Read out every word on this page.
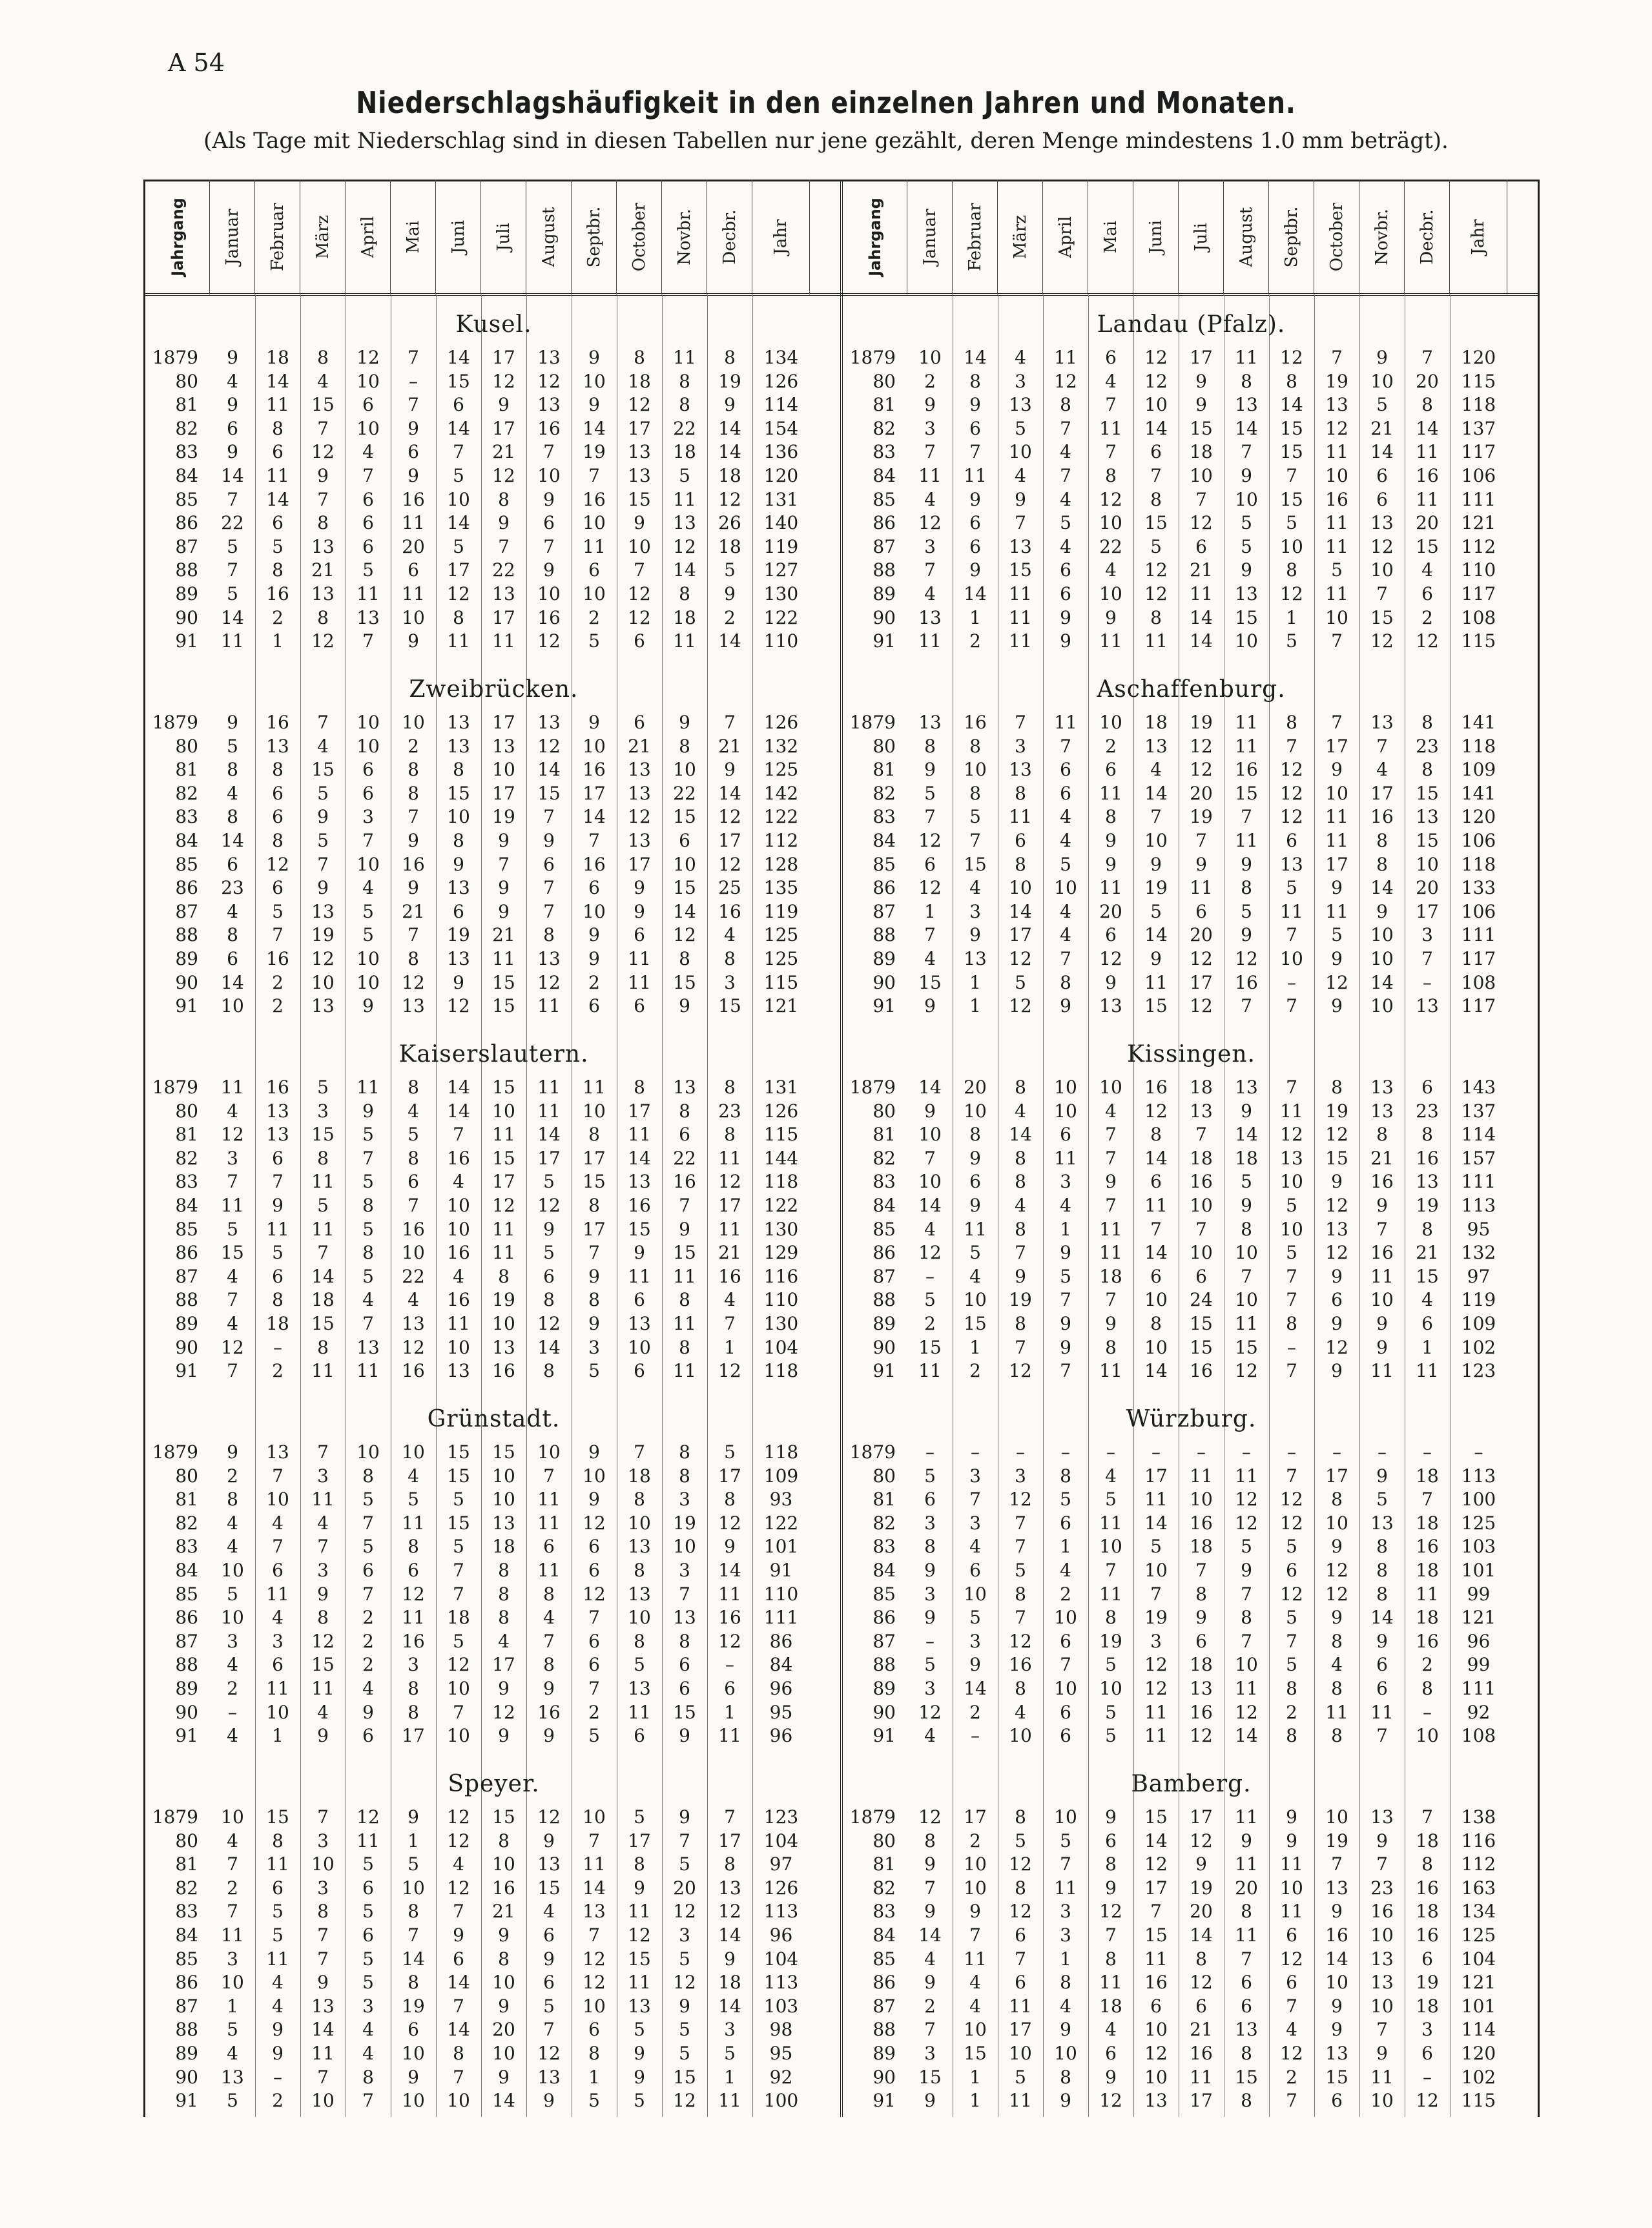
A 54
Niederschlagshäufigkeit in den einzelnen Jahren und Monaten.
(Als Tage mit Niederschlag sind in diesen Tabellen nur jene gezählt, deren Menge mindestens 1.0 mm beträgt).
Jahrgang Januar Februar März April Mai Juni Juli August Septbr. October Novbr. Decbr. Jahr	Jahrgang Januar Februar März April Mai Juni Juli August Septbr. October Novbr. Decbr. Jahr
Kusel.
1879	9	18	8	12	7	14	17	13	9	8	11	8	134
80	4	14	4	10	–	15	12	12	10	18	8	19	126
81	9	11	15	6	7	6	9	13	9	12	8	9	114
82	6	8	7	10	9	14	17	16	14	17	22	14	154
83	9	6	12	4	6	7	21	7	19	13	18	14	136
84	14	11	9	7	9	5	12	10	7	13	5	18	120
85	7	14	7	6	16	10	8	9	16	15	11	12	131
86	22	6	8	6	11	14	9	6	10	9	13	26	140
87	5	5	13	6	20	5	7	7	11	10	12	18	119
88	7	8	21	5	6	17	22	9	6	7	14	5	127
89	5	16	13	11	11	12	13	10	10	12	8	9	130
90	14	2	8	13	10	8	17	16	2	12	18	2	122
91	11	1	12	7	9	11	11	12	5	6	11	14	110
Zweibrücken.
1879	9	16	7	10	10	13	17	13	9	6	9	7	126
80	5	13	4	10	2	13	13	12	10	21	8	21	132
81	8	8	15	6	8	8	10	14	16	13	10	9	125
82	4	6	5	6	8	15	17	15	17	13	22	14	142
83	8	6	9	3	7	10	19	7	14	12	15	12	122
84	14	8	5	7	9	8	9	9	7	13	6	17	112
85	6	12	7	10	16	9	7	6	16	17	10	12	128
86	23	6	9	4	9	13	9	7	6	9	15	25	135
87	4	5	13	5	21	6	9	7	10	9	14	16	119
88	8	7	19	5	7	19	21	8	9	6	12	4	125
89	6	16	12	10	8	13	11	13	9	11	8	8	125
90	14	2	10	10	12	9	15	12	2	11	15	3	115
91	10	2	13	9	13	12	15	11	6	6	9	15	121
Kaiserslautern.
1879	11	16	5	11	8	14	15	11	11	8	13	8	131
80	4	13	3	9	4	14	10	11	10	17	8	23	126
81	12	13	15	5	5	7	11	14	8	11	6	8	115
82	3	6	8	7	8	16	15	17	17	14	22	11	144
83	7	7	11	5	6	4	17	5	15	13	16	12	118
84	11	9	5	8	7	10	12	12	8	16	7	17	122
85	5	11	11	5	16	10	11	9	17	15	9	11	130
86	15	5	7	8	10	16	11	5	7	9	15	21	129
87	4	6	14	5	22	4	8	6	9	11	11	16	116
88	7	8	18	4	4	16	19	8	8	6	8	4	110
89	4	18	15	7	13	11	10	12	9	13	11	7	130
90	12	–	8	13	12	10	13	14	3	10	8	1	104
91	7	2	11	11	16	13	16	8	5	6	11	12	118
Grünstadt.
1879	9	13	7	10	10	15	15	10	9	7	8	5	118
80	2	7	3	8	4	15	10	7	10	18	8	17	109
81	8	10	11	5	5	5	10	11	9	8	3	8	93
82	4	4	4	7	11	15	13	11	12	10	19	12	122
83	4	7	7	5	8	5	18	6	6	13	10	9	101
84	10	6	3	6	6	7	8	11	6	8	3	14	91
85	5	11	9	7	12	7	8	8	12	13	7	11	110
86	10	4	8	2	11	18	8	4	7	10	13	16	111
87	3	3	12	2	16	5	4	7	6	8	8	12	86
88	4	6	15	2	3	12	17	8	6	5	6	–	84
89	2	11	11	4	8	10	9	9	7	13	6	6	96
90	–	10	4	9	8	7	12	16	2	11	15	1	95
91	4	1	9	6	17	10	9	9	5	6	9	11	96
Speyer.
1879	10	15	7	12	9	12	15	12	10	5	9	7	123
80	4	8	3	11	1	12	8	9	7	17	7	17	104
81	7	11	10	5	5	4	10	13	11	8	5	8	97
82	2	6	3	6	10	12	16	15	14	9	20	13	126
83	7	5	8	5	8	7	21	4	13	11	12	12	113
84	11	5	7	6	7	9	9	6	7	12	3	14	96
85	3	11	7	5	14	6	8	9	12	15	5	9	104
86	10	4	9	5	8	14	10	6	12	11	12	18	113
87	1	4	13	3	19	7	9	5	10	13	9	14	103
88	5	9	14	4	6	14	20	7	6	5	5	3	98
89	4	9	11	4	10	8	10	12	8	9	5	5	95
90	13	–	7	8	9	7	9	13	1	9	15	1	92
91	5	2	10	7	10	10	14	9	5	5	12	11	100
Landau (Pfalz).
1879	10	14	4	11	6	12	17	11	12	7	9	7	120
80	2	8	3	12	4	12	9	8	8	19	10	20	115
81	9	9	13	8	7	10	9	13	14	13	5	8	118
82	3	6	5	7	11	14	15	14	15	12	21	14	137
83	7	7	10	4	7	6	18	7	15	11	14	11	117
84	11	11	4	7	8	7	10	9	7	10	6	16	106
85	4	9	9	4	12	8	7	10	15	16	6	11	111
86	12	6	7	5	10	15	12	5	5	11	13	20	121
87	3	6	13	4	22	5	6	5	10	11	12	15	112
88	7	9	15	6	4	12	21	9	8	5	10	4	110
89	4	14	11	6	10	12	11	13	12	11	7	6	117
90	13	1	11	9	9	8	14	15	1	10	15	2	108
91	11	2	11	9	11	11	14	10	5	7	12	12	115
Aschaffenburg.
1879	13	16	7	11	10	18	19	11	8	7	13	8	141
80	8	8	3	7	2	13	12	11	7	17	7	23	118
81	9	10	13	6	6	4	12	16	12	9	4	8	109
82	5	8	8	6	11	14	20	15	12	10	17	15	141
83	7	5	11	4	8	7	19	7	12	11	16	13	120
84	12	7	6	4	9	10	7	11	6	11	8	15	106
85	6	15	8	5	9	9	9	9	13	17	8	10	118
86	12	4	10	10	11	19	11	8	5	9	14	20	133
87	1	3	14	4	20	5	6	5	11	11	9	17	106
88	7	9	17	4	6	14	20	9	7	5	10	3	111
89	4	13	12	7	12	9	12	12	10	9	10	7	117
90	15	1	5	8	9	11	17	16	–	12	14	–	108
91	9	1	12	9	13	15	12	7	7	9	10	13	117
Kissingen.
1879	14	20	8	10	10	16	18	13	7	8	13	6	143
80	9	10	4	10	4	12	13	9	11	19	13	23	137
81	10	8	14	6	7	8	7	14	12	12	8	8	114
82	7	9	8	11	7	14	18	18	13	15	21	16	157
83	10	6	8	3	9	6	16	5	10	9	16	13	111
84	14	9	4	4	7	11	10	9	5	12	9	19	113
85	4	11	8	1	11	7	7	8	10	13	7	8	95
86	12	5	7	9	11	14	10	10	5	12	16	21	132
87	–	4	9	5	18	6	6	7	7	9	11	15	97
88	5	10	19	7	7	10	24	10	7	6	10	4	119
89	2	15	8	9	9	8	15	11	8	9	9	6	109
90	15	1	7	9	8	10	15	15	–	12	9	1	102
91	11	2	12	7	11	14	16	12	7	9	11	11	123
Würzburg.
1879	–	–	–	–	–	–	–	–	–	–	–	–	–
80	5	3	3	8	4	17	11	11	7	17	9	18	113
81	6	7	12	5	5	11	10	12	12	8	5	7	100
82	3	3	7	6	11	14	16	12	12	10	13	18	125
83	8	4	7	1	10	5	18	5	5	9	8	16	103
84	9	6	5	4	7	10	7	9	6	12	8	18	101
85	3	10	8	2	11	7	8	7	12	12	8	11	99
86	9	5	7	10	8	19	9	8	5	9	14	18	121
87	–	3	12	6	19	3	6	7	7	8	9	16	96
88	5	9	16	7	5	12	18	10	5	4	6	2	99
89	3	14	8	10	10	12	13	11	8	8	6	8	111
90	12	2	4	6	5	11	16	12	2	11	11	–	92
91	4	–	10	6	5	11	12	14	8	8	7	10	108
Bamberg.
1879	12	17	8	10	9	15	17	11	9	10	13	7	138
80	8	2	5	5	6	14	12	9	9	19	9	18	116
81	9	10	12	7	8	12	9	11	11	7	7	8	112
82	7	10	8	11	9	17	19	20	10	13	23	16	163
83	9	9	12	3	12	7	20	8	11	9	16	18	134
84	14	7	6	3	7	15	14	11	6	16	10	16	125
85	4	11	7	1	8	11	8	7	12	14	13	6	104
86	9	4	6	8	11	16	12	6	6	10	13	19	121
87	2	4	11	4	18	6	6	6	7	9	10	18	101
88	7	10	17	9	4	10	21	13	4	9	7	3	114
89	3	15	10	10	6	12	16	8	12	13	9	6	120
90	15	1	5	8	9	10	11	15	2	15	11	–	102
91	9	1	11	9	12	13	17	8	7	6	10	12	115
